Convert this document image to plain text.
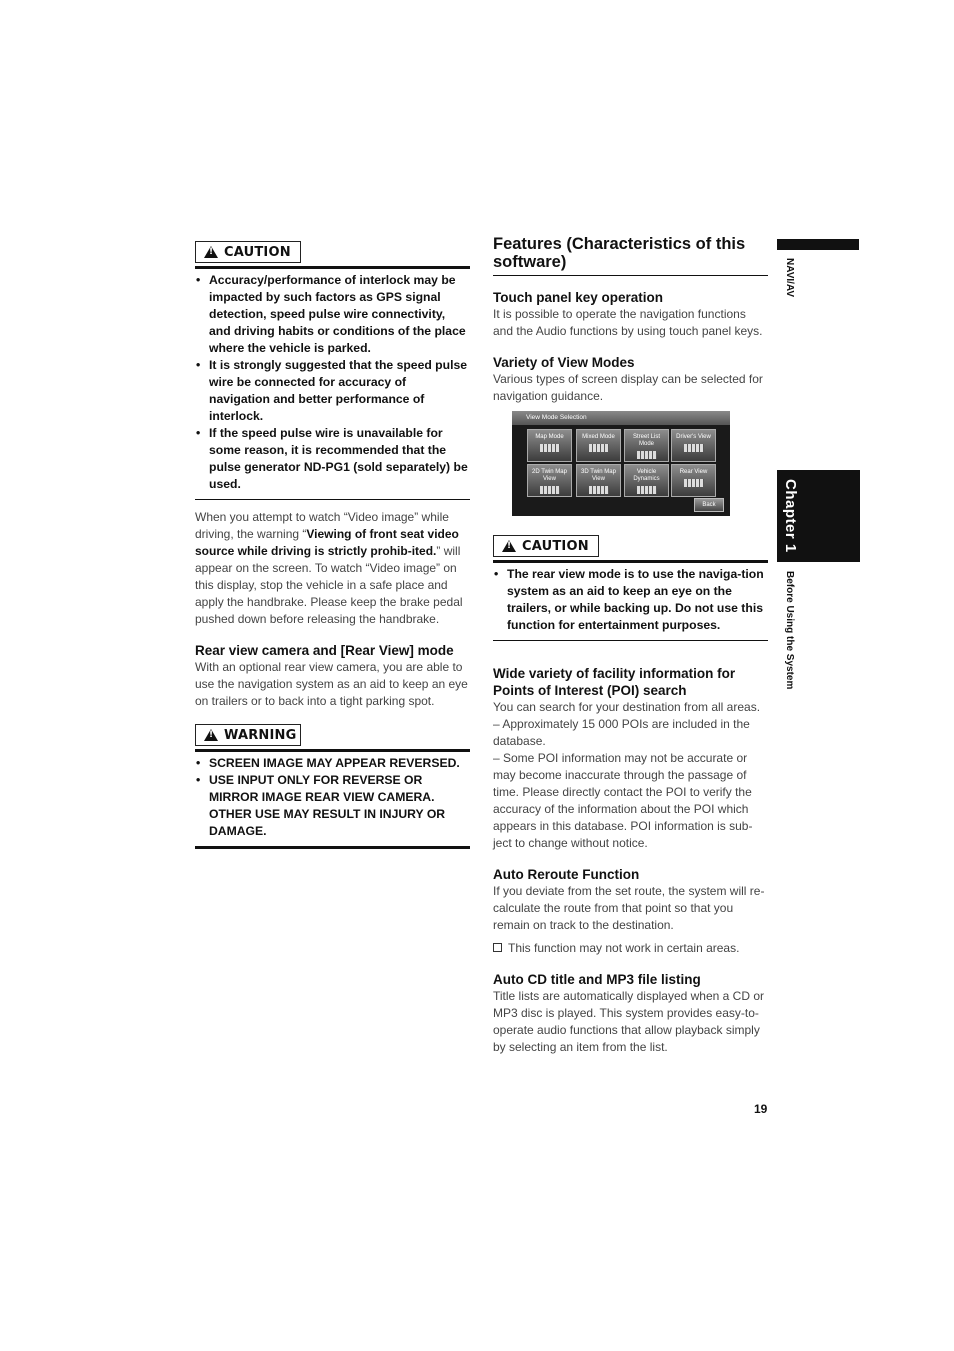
!
CAUTION
• Accuracy/performance of interlock may be impacted by such factors as GPS signal detection, speed pulse wire connectivity, and driving habits or conditions of the place where the vehicle is parked.
• It is strongly suggested that the speed pulse wire be connected for accuracy of navigation and better performance of interlock.
• If the speed pulse wire is unavailable for some reason, it is recommended that the pulse generator ND-PG1 (sold separately) be used.

When you attempt to watch “Video image” while driving, the warning “Viewing of front seat video source while driving is strictly prohib-ited.” will appear on the screen. To watch “Video image” on this display, stop the vehicle in a safe place and apply the handbrake. Please keep the brake pedal pushed down before releasing the handbrake.

Rear view camera and [Rear View] mode

With an optional rear view camera, you are able to use the navigation system as an aid to keep an eye on trailers or to back into a tight parking spot.

!
WARNING
• SCREEN IMAGE MAY APPEAR REVERSED.
• USE INPUT ONLY FOR REVERSE OR MIRROR IMAGE REAR VIEW CAMERA. OTHER USE MAY RESULT IN INJURY OR DAMAGE.
Features (Characteristics of this software)
Touch panel key operation

It is possible to operate the navigation functions and the Audio functions by using touch panel keys.

Variety of View Modes

Various types of screen display can be selected for navigation guidance.

View Mode Selection
Map Mode	Mixed Mode	Street List Mode
Driver's View
2D Twin Map View
3D Twin Map View
Vehicle Dynamics
Rear View
Back
!
CAUTION
• The rear view mode is to use the naviga-tion system as an aid to keep an eye on the trailers, or while backing up. Do not use this function for entertainment purposes.
Wide variety of facility information for Points of Interest (POI) search

You can search for your destination from all areas.

– Approximately 15 000 POIs are included in the database.

– Some POI information may not be accurate or may become inaccurate through the passage of time. Please directly contact the POI to verify the accuracy of the information about the POI which appears in this database. POI information is sub-ject to change without notice.

Auto Reroute Function

If you deviate from the set route, the system will re-calculate the route from that point so that you remain on track to the destination.

This function may not work in certain areas.

Auto CD title and MP3 file listing

Title lists are automatically displayed when a CD or MP3 disc is played. This system provides easy-to-operate audio functions that allow playback simply by selecting an item from the list.

NAVI/AV
Chapter 1
Before Using the System
19
